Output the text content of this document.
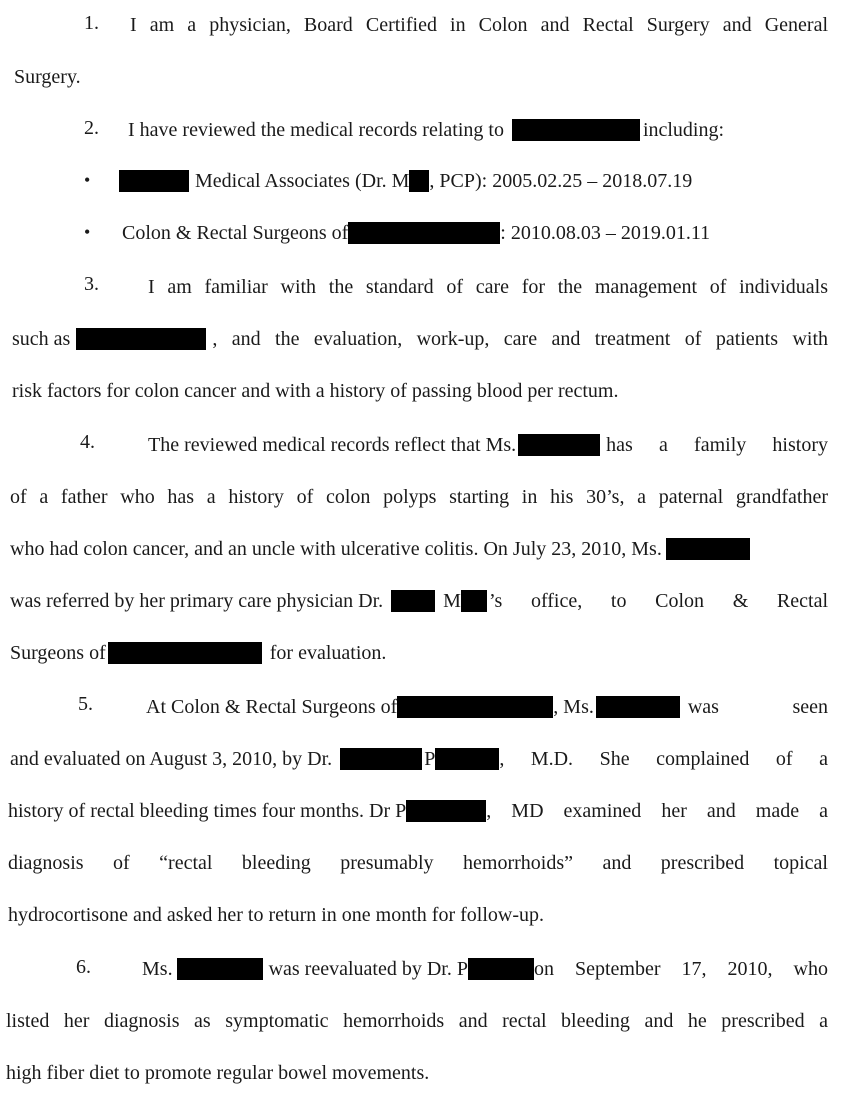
1. I am a physician, Board Certified in Colon and Rectal Surgery and General
Surgery.
2. I have reviewed the medical records relating to	including:
•	Medical Associates (Dr. M , PCP): 2005.02.25 – 2018.07.19
• Colon & Rectal Surgeons of	: 2010.08.03 – 2019.01.11
3. I am familiar with the standard of care for the management of individuals
such as	, and the evaluation, work-up, care and treatment of patients with
risk factors for colon cancer and with a history of passing blood per rectum.
4.	The reviewed medical records reflect that Ms.	has a family history
of a father who has a history of colon polyps starting in his 30’s, a paternal grandfather
who had colon cancer, and an uncle with ulcerative colitis. On July 23, 2010, Ms.
was referred by her primary care physician Dr.	M ’s office, to Colon & Rectal
Surgeons of	for evaluation.
5.	At Colon & Rectal Surgeons of	, Ms.	was seen
and evaluated on August 3, 2010, by Dr.	P	, M.D. She complained of a
history of rectal bleeding times four months. Dr P	, MD examined her and made a
diagnosis of “rectal bleeding presumably hemorrhoids” and prescribed topical
hydrocortisone and asked her to return in one month for follow-up.
6.	Ms.	was reevaluated by Dr. P	on September 17, 2010, who
listed her diagnosis as symptomatic hemorrhoids and rectal bleeding and he prescribed a
high fiber diet to promote regular bowel movements.
